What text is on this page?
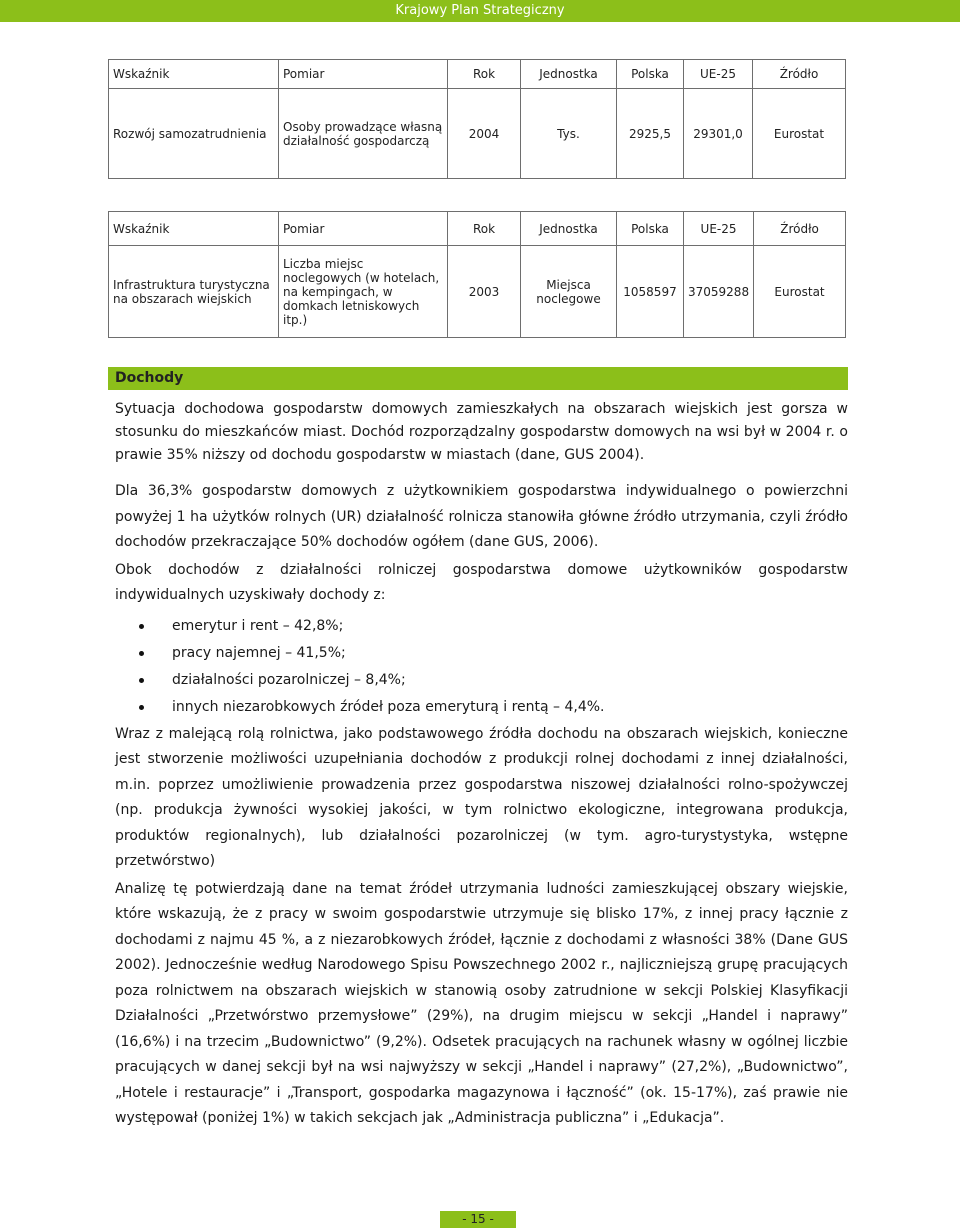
Krajowy Plan Strategiczny
Wskaźnik	Pomiar	Rok	Jednostka	Polska	UE-25	Źródło
Rozwój samozatrudnienia	Osoby prowadzące własną działalność gospodarczą	2004	Tys.	2925,5	29301,0	Eurostat
Wskaźnik	Pomiar	Rok	Jednostka	Polska	UE-25	Źródło
Infrastruktura turystyczna na obszarach wiejskich	Liczba miejsc noclegowych (w hotelach, na kempingach, w domkach letniskowych itp.)	2003	Miejsca noclegowe	1058597	37059288	Eurostat
Dochody

Sytuacja dochodowa gospodarstw domowych zamieszkałych na obszarach wiejskich jest gorsza w stosunku do mieszkańców miast. Dochód rozporządzalny gospodarstw domowych na wsi był w 2004 r. o prawie 35% niższy od dochodu gospodarstw w miastach (dane, GUS 2004).

Dla 36,3% gospodarstw domowych z użytkownikiem gospodarstwa indywidualnego o powierzchni powyżej 1 ha użytków rolnych (UR) działalność rolnicza stanowiła główne źródło utrzymania, czyli źródło dochodów przekraczające 50% dochodów ogółem (dane GUS, 2006).

Obok dochodów z działalności rolniczej gospodarstwa domowe użytkowników gospodarstw indywidualnych uzyskiwały dochody z:

emerytur i rent – 42,8%;
pracy najemnej – 41,5%;
działalności pozarolniczej – 8,4%;
innych niezarobkowych źródeł poza emeryturą i rentą – 4,4%.

Wraz z malejącą rolą rolnictwa, jako podstawowego źródła dochodu na obszarach wiejskich, konieczne jest stworzenie możliwości uzupełniania dochodów z produkcji rolnej dochodami z innej działalności, m.in. poprzez umożliwienie prowadzenia przez gospodarstwa niszowej działalności rolno-spożywczej (np. produkcja żywności wysokiej jakości, w tym rolnictwo ekologiczne, integrowana produkcja, produktów regionalnych), lub działalności pozarolniczej (w tym. agro-turystystyka, wstępne przetwórstwo)

Analizę tę potwierdzają dane na temat źródeł utrzymania ludności zamieszkującej obszary wiejskie, które wskazują, że z pracy w swoim gospodarstwie utrzymuje się blisko 17%, z innej pracy łącznie z dochodami z najmu 45 %, a z niezarobkowych źródeł, łącznie z dochodami z własności 38% (Dane GUS 2002). Jednocześnie według Narodowego Spisu Powszechnego 2002 r., najliczniejszą grupę pracujących poza rolnictwem na obszarach wiejskich w stanowią osoby zatrudnione w sekcji Polskiej Klasyfikacji Działalności „Przetwórstwo przemysłowe” (29%), na drugim miejscu w sekcji „Handel i naprawy” (16,6%) i na trzecim „Budownictwo” (9,2%). Odsetek pracujących na rachunek własny w ogólnej liczbie pracujących w danej sekcji był na wsi najwyższy w sekcji „Handel i naprawy” (27,2%), „Budownictwo”, „Hotele i restauracje” i „Transport, gospodarka magazynowa i łączność” (ok. 15-17%), zaś prawie nie występował (poniżej 1%) w takich sekcjach jak „Administracja publiczna” i „Edukacja”.

- 15 -
